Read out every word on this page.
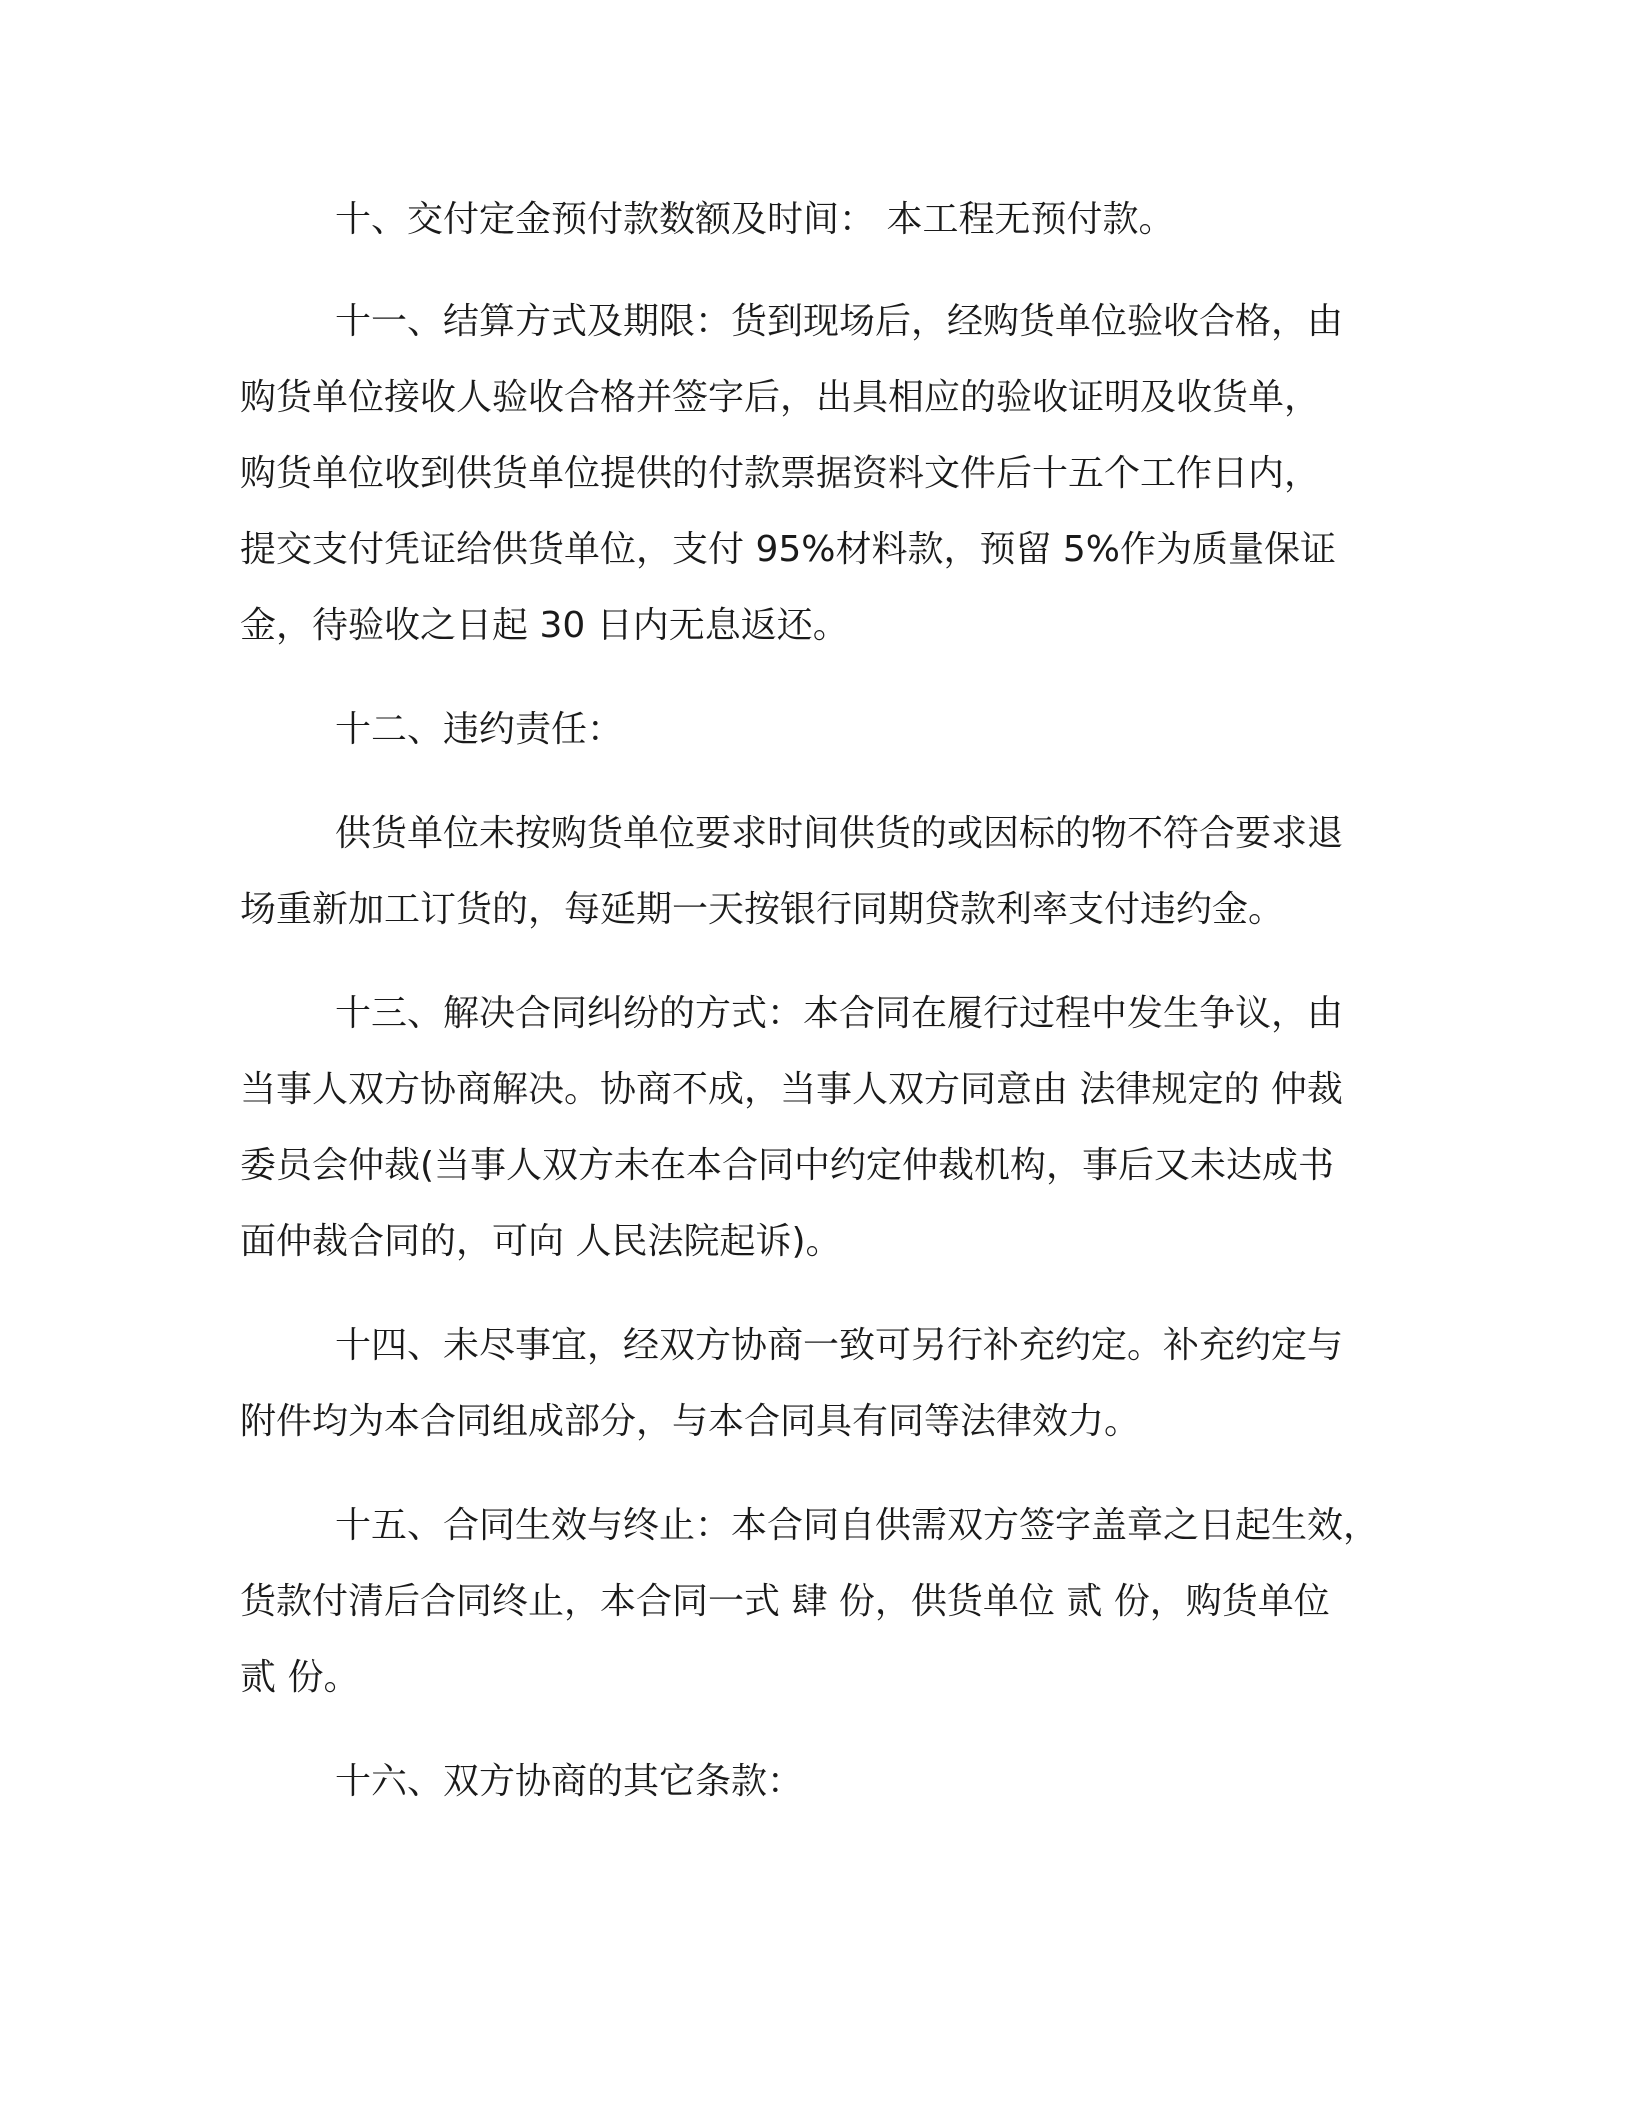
十、交付定金预付款数额及时间： 本工程无预付款。
十一、结算方式及期限：货到现场后，经购货单位验收合格，由
购货单位接收人验收合格并签字后，出具相应的验收证明及收货单，
购货单位收到供货单位提供的付款票据资料文件后十五个工作日内，
提交支付凭证给供货单位，支付 95%材料款，预留 5%作为质量保证
金，待验收之日起 30 日内无息返还。
十二、违约责任：
供货单位未按购货单位要求时间供货的或因标的物不符合要求退
场重新加工订货的，每延期一天按银行同期贷款利率支付违约金。
十三、解决合同纠纷的方式：本合同在履行过程中发生争议，由
当事人双方协商解决。协商不成，当事人双方同意由 法律规定的 仲裁
委员会仲裁(当事人双方未在本合同中约定仲裁机构，事后又未达成书
面仲裁合同的，可向 人民法院起诉)。
十四、未尽事宜，经双方协商一致可另行补充约定。补充约定与
附件均为本合同组成部分，与本合同具有同等法律效力。
十五、合同生效与终止：本合同自供需双方签字盖章之日起生效，
货款付清后合同终止，本合同一式 肆 份，供货单位 贰 份，购货单位
贰 份。
十六、双方协商的其它条款：
